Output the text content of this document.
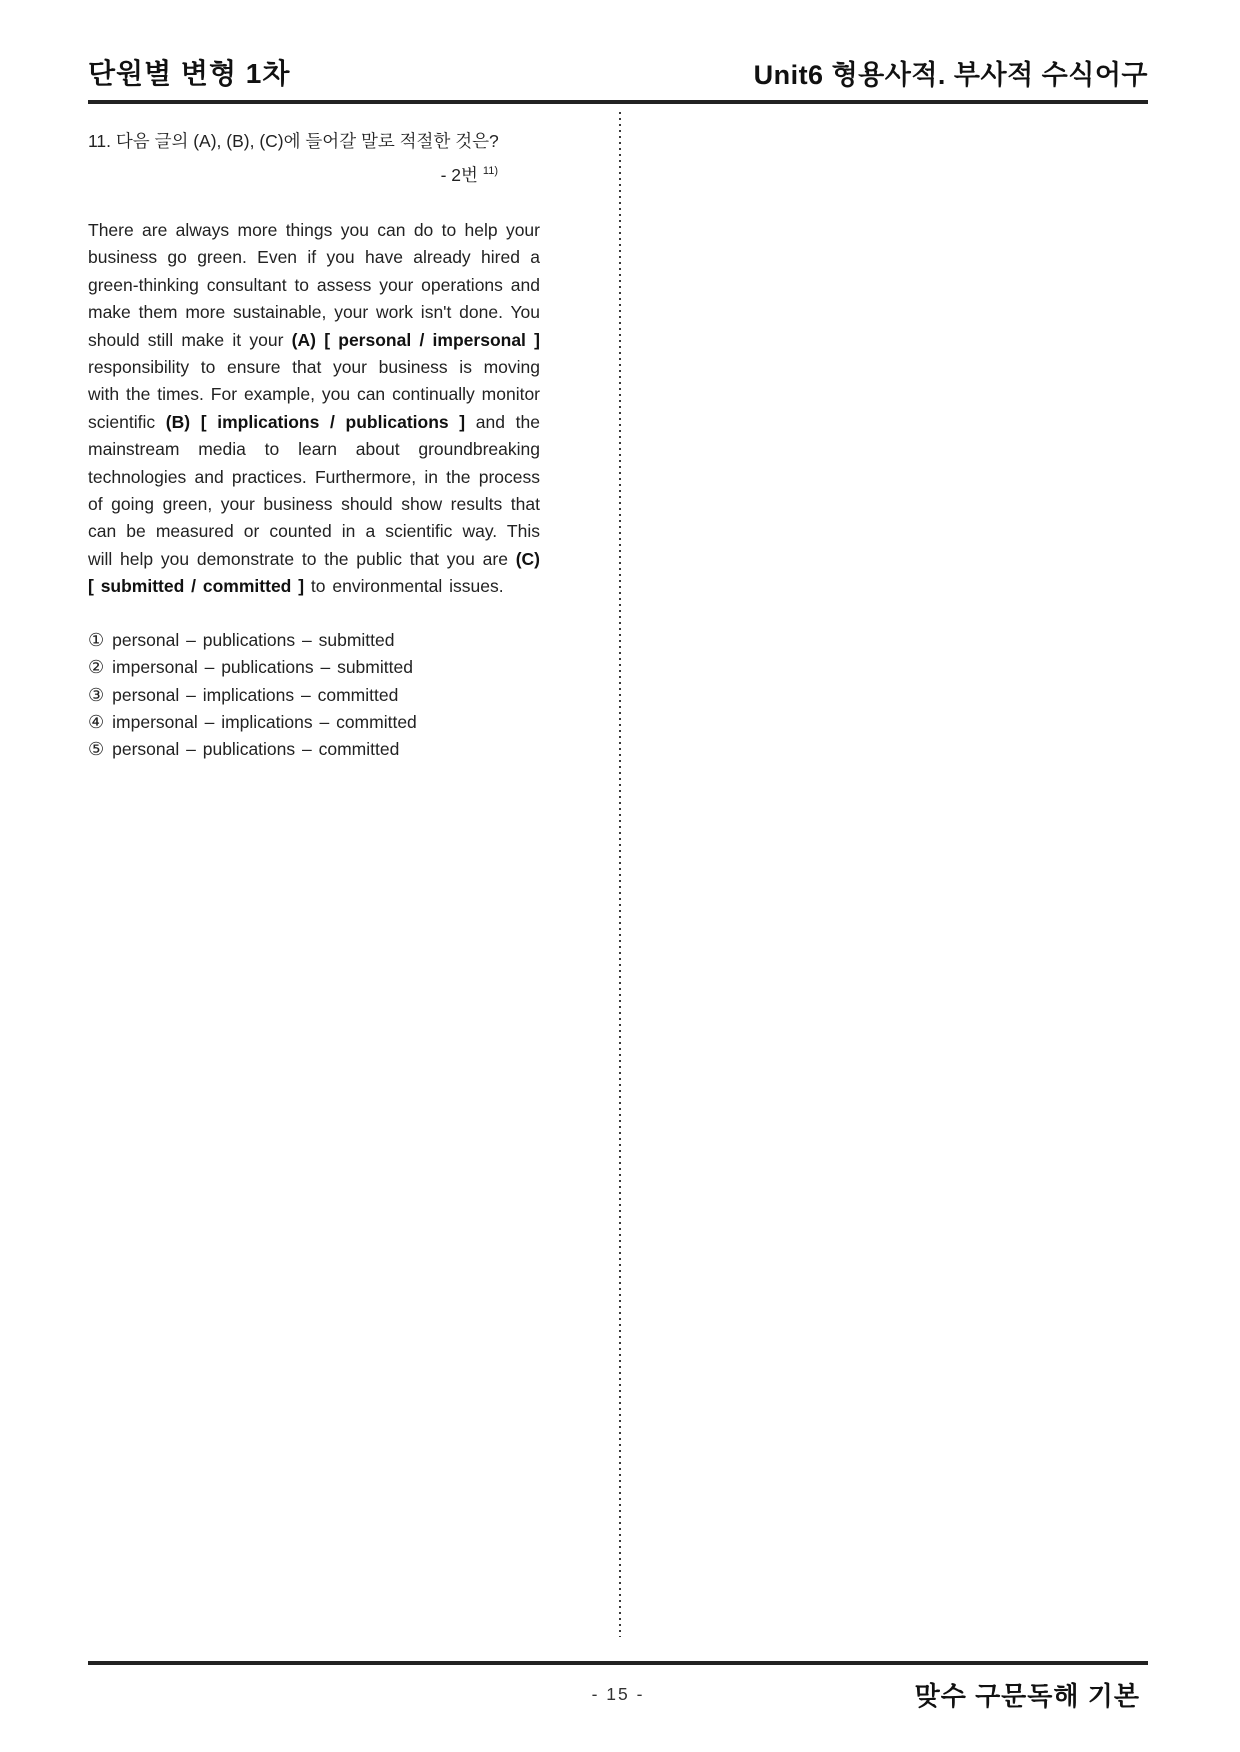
단원별 변형 1차	Unit6 형용사적. 부사적 수식어구
11. 다음 글의 (A), (B), (C)에 들어갈 말로 적절한 것은?
- 2번 $^{11)}$

There are always more things you can do to help your business go green. Even if you have already hired a green-thinking consultant to assess your operations and make them more sustainable, your work isn't done. You should still make it your (A) [ personal / impersonal ] responsibility to ensure that your business is moving with the times. For example, you can continually monitor scientific (B) [ implications / publications ] and the mainstream media to learn about groundbreaking technologies and practices. Furthermore, in the process of going green, your business should show results that can be measured or counted in a scientific way. This will help you demonstrate to the public that you are (C) [ submitted / committed ] to environmental issues.

① personal – publications – submitted
② impersonal – publications – submitted
③ personal – implications – committed
④ impersonal – implications – committed
⑤ personal – publications – committed
- 15 -	맞수 구문독해 기본
